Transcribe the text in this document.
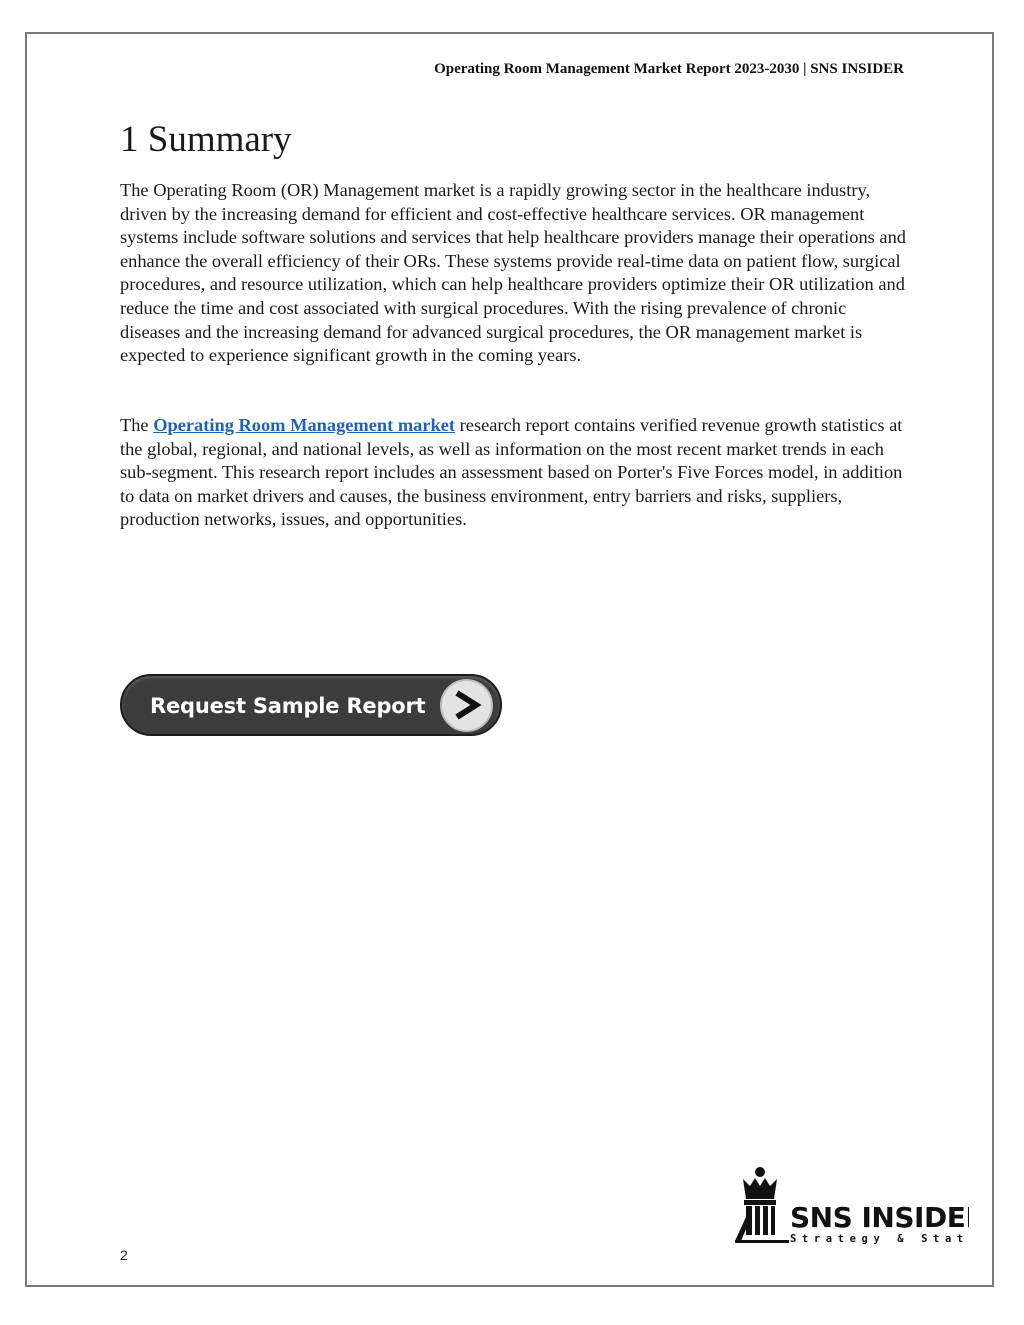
Operating Room Management Market Report 2023-2030 | SNS INSIDER
1 Summary

The Operating Room (OR) Management market is a rapidly growing sector in the healthcare industry, driven by the increasing demand for efficient and cost-effective healthcare services. OR management systems include software solutions and services that help healthcare providers manage their operations and enhance the overall efficiency of their ORs. These systems provide real-time data on patient flow, surgical procedures, and resource utilization, which can help healthcare providers optimize their OR utilization and reduce the time and cost associated with surgical procedures. With the rising prevalence of chronic diseases and the increasing demand for advanced surgical procedures, the OR management market is expected to experience significant growth in the coming years.

The Operating Room Management market research report contains verified revenue growth statistics at the global, regional, and national levels, as well as information on the most recent market trends in each sub-segment. This research report includes an assessment based on Porter's Five Forces model, in addition to data on market drivers and causes, the business environment, entry barriers and risks, suppliers, production networks, issues, and opportunities.

Request Sample Report
SNS INSIDER
Strategy & Stats
2
